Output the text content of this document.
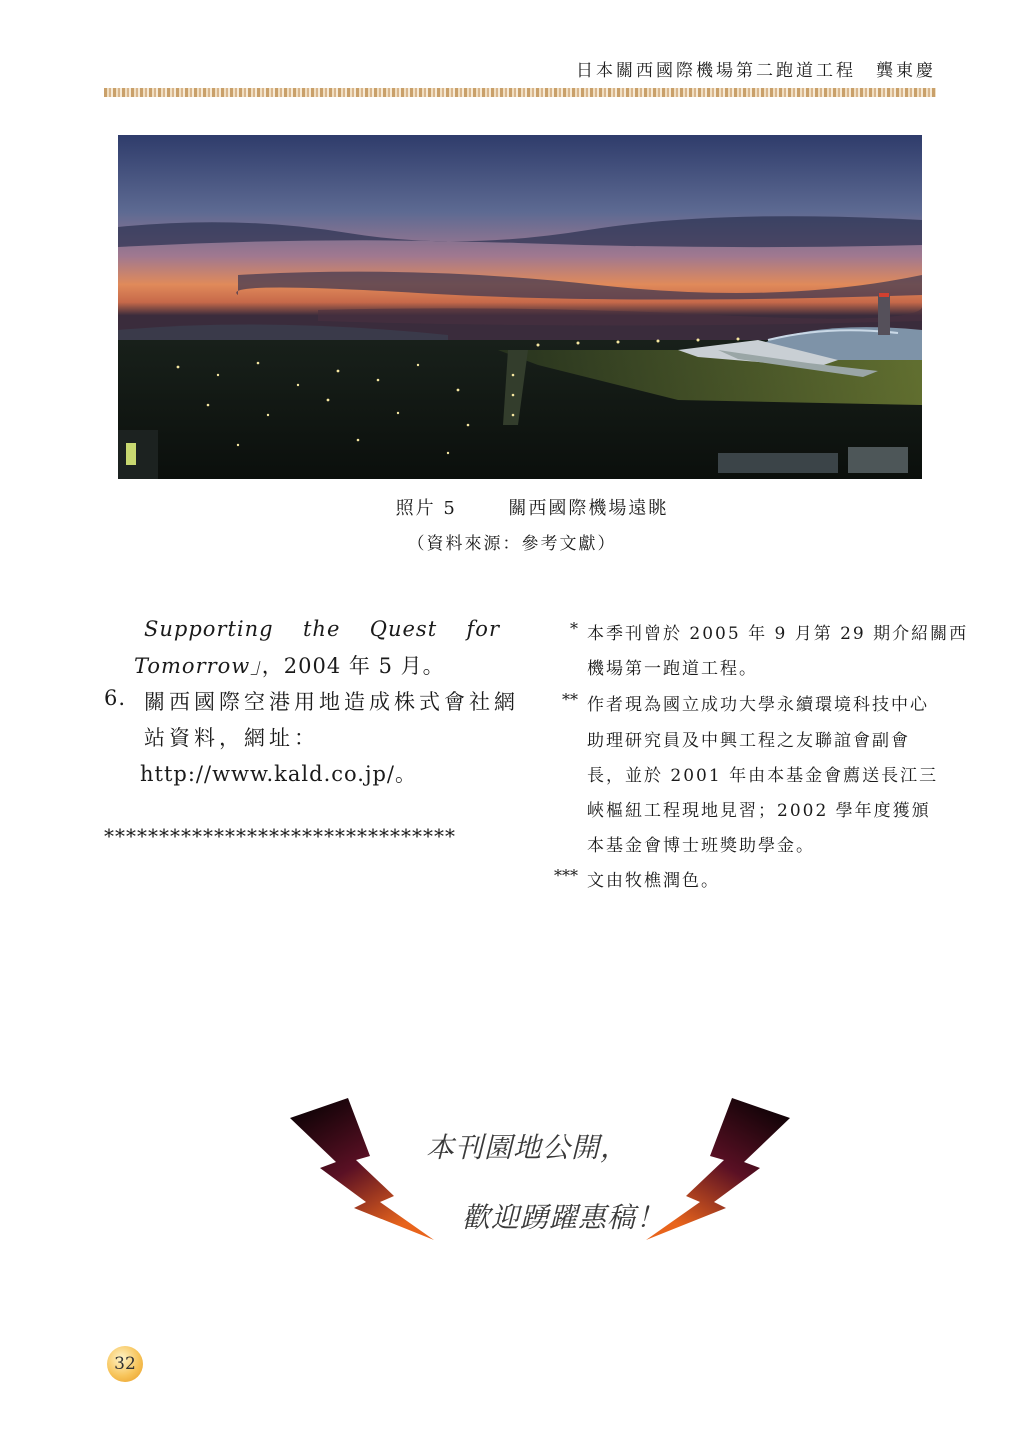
日本關西國際機場第二跑道工程　龔東慶
照片 5	關西國際機場遠眺
（資料來源：參考文獻）
Supporting the Quest for
Tomorrow」，2004 年 5 月。
6. 關西國際空港用地造成株式會社網
站資料，網址：
http://www.kald.co.jp/。
********************************
* 本季刊曾於 2005 年 9 月第 29 期介紹關西
機場第一跑道工程。
** 作者現為國立成功大學永續環境科技中心
助理研究員及中興工程之友聯誼會副會
長，並於 2001 年由本基金會薦送長江三
峽樞紐工程現地見習；2002 學年度獲頒
本基金會博士班獎助學金。
*** 文由牧樵潤色。
本刊園地公開，
歡迎踴躍惠稿！
32
